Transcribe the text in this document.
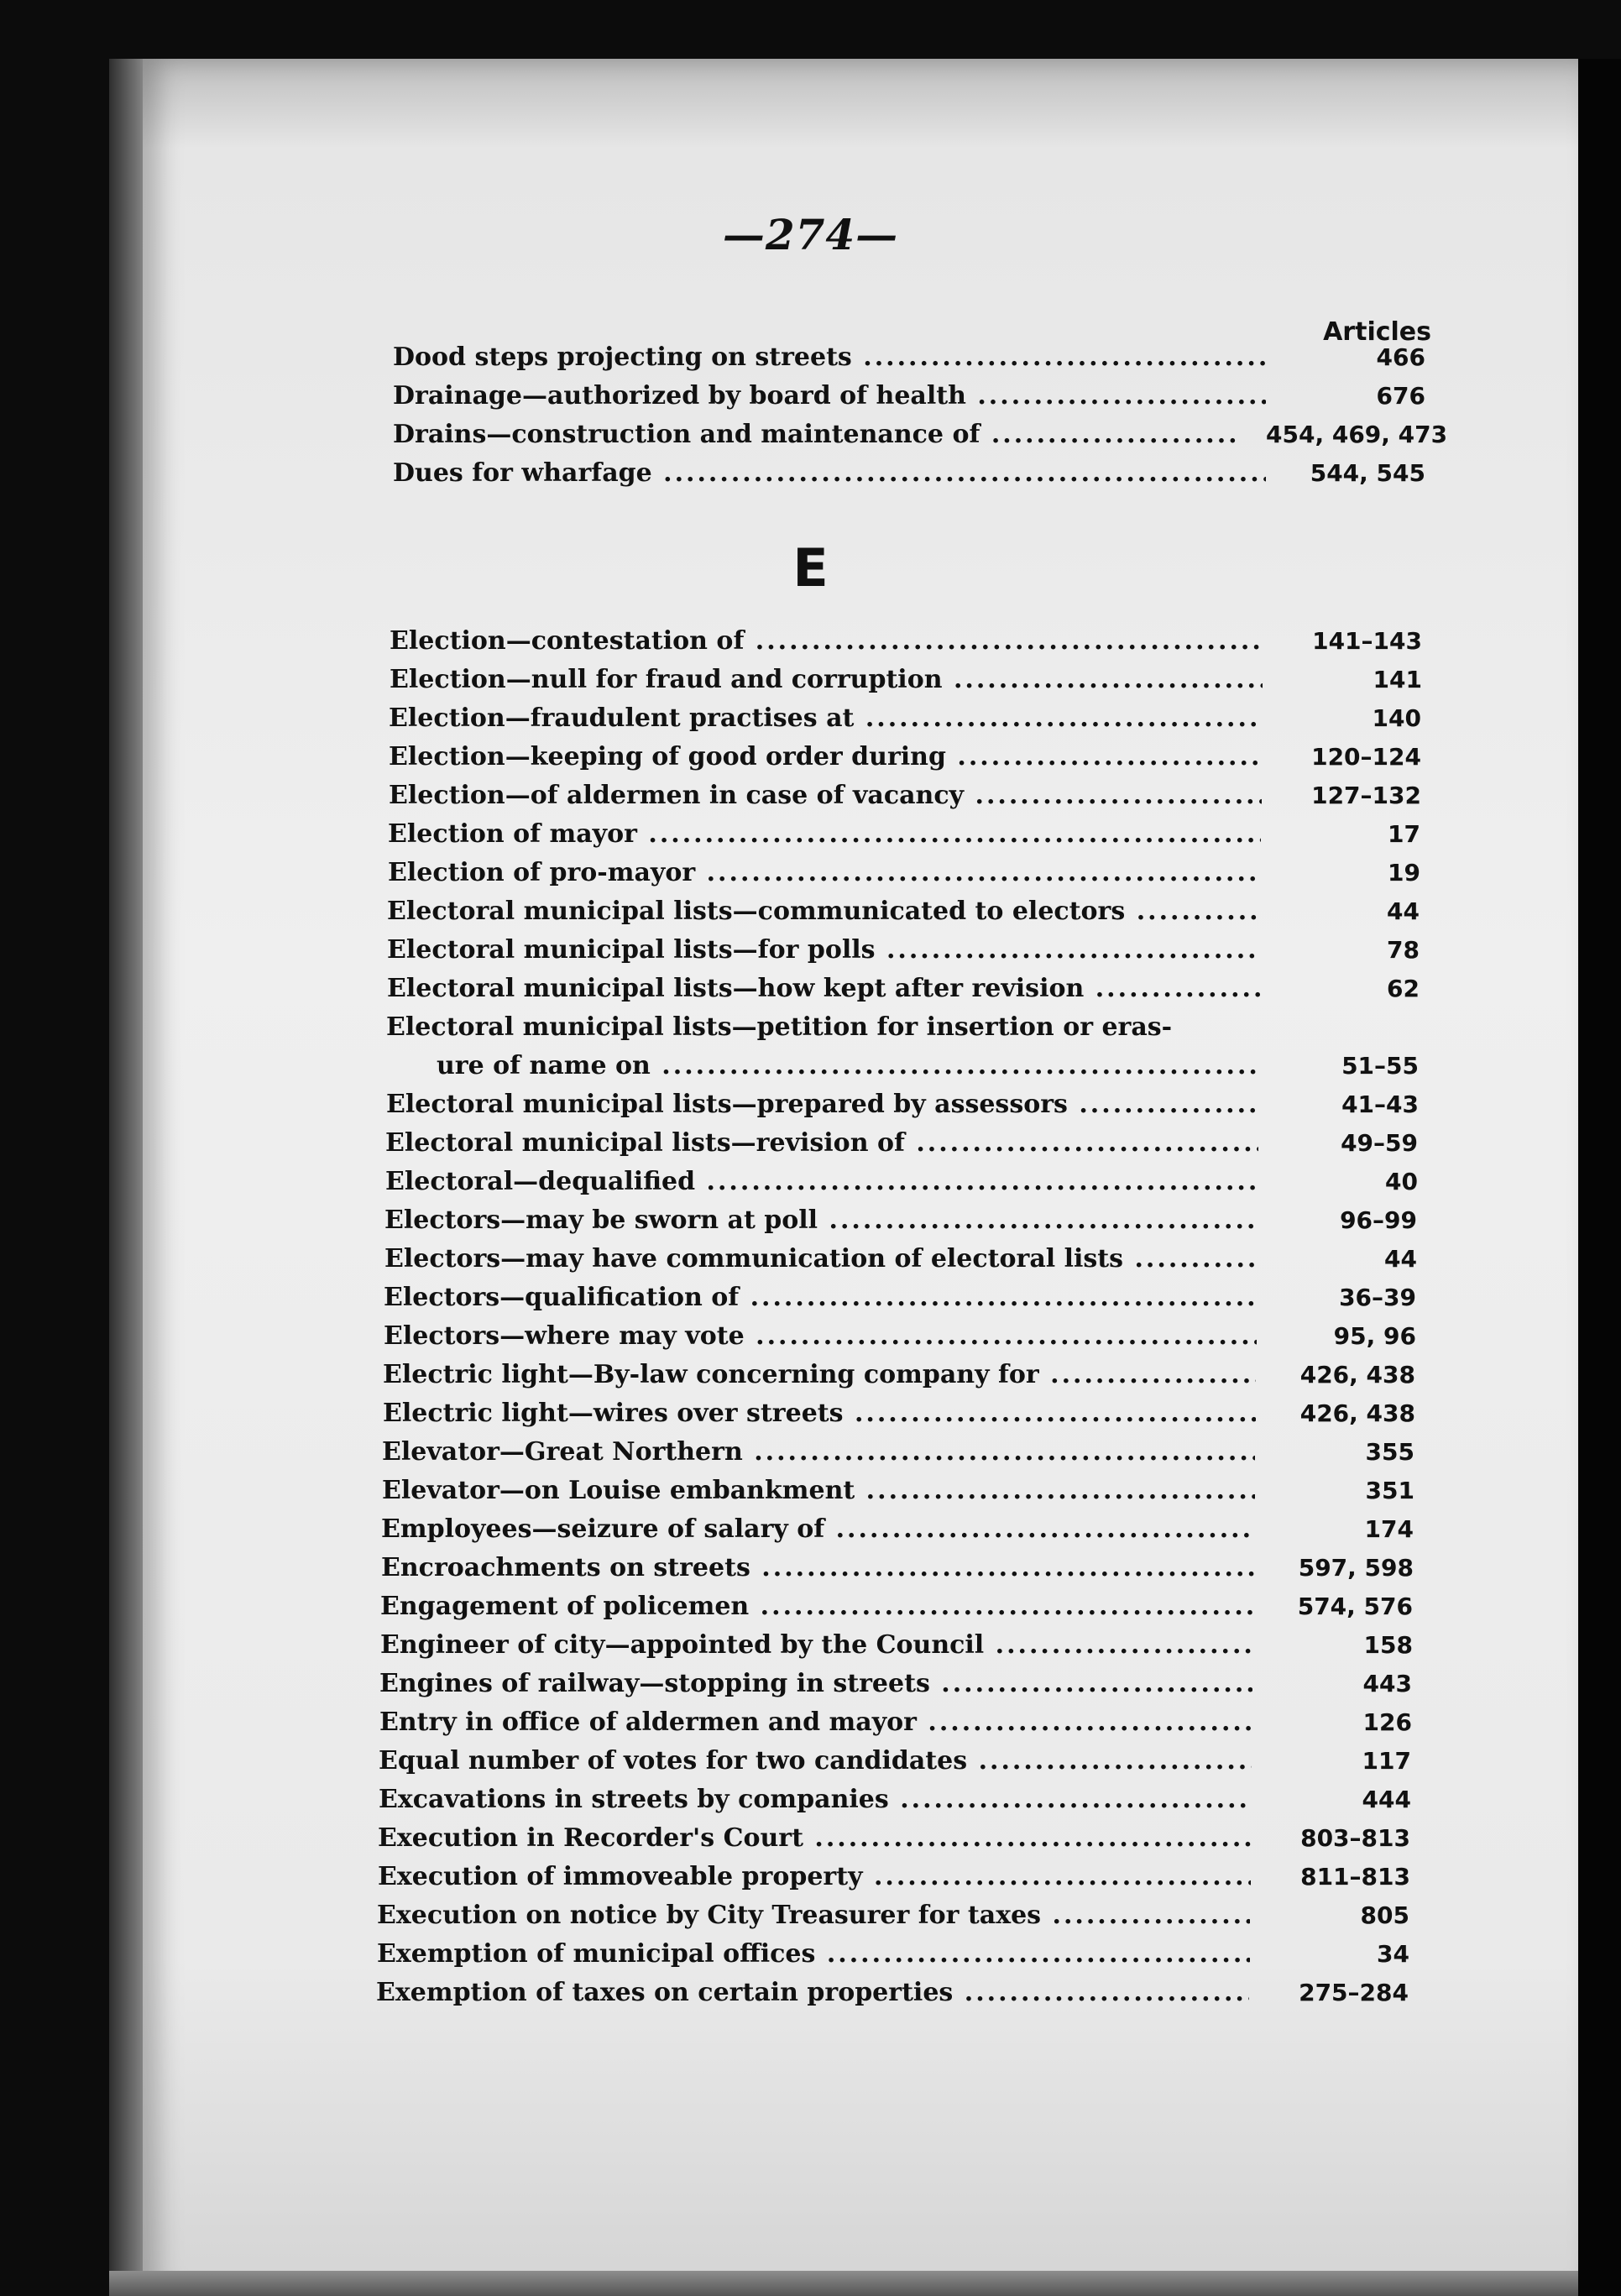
—274—
Articles
E
Dood steps projecting on streets .....	466
Drainage—authorized by board of health .....	676
Drains—construction and maintenance of .....	454, 469, 473
Dues for wharfage .....	544, 545
Election—contestation of .....	141–143
Election—null for fraud and corruption .....	141
Election—fraudulent practises at .....	140
Election—keeping of good order during .....	120–124
Election—of aldermen in case of vacancy .....	127–132
Election of mayor .....	17
Election of pro-mayor .....	19
Electoral municipal lists—communicated to electors .....	44
Electoral municipal lists—for polls .....	78
Electoral municipal lists—how kept after revision .....	62
Electoral municipal lists—petition for insertion or eras-
ure of name on .....	51–55
Electoral municipal lists—prepared by assessors .....	41–43
Electoral municipal lists—revision of .....	49–59
Electoral—dequalified .....	40
Electors—may be sworn at poll .....	96–99
Electors—may have communication of electoral lists .....	44
Electors—qualification of .....	36–39
Electors—where may vote .....	95, 96
Electric light—By-law concerning company for .....	426, 438
Electric light—wires over streets .....	426, 438
Elevator—Great Northern .....	355
Elevator—on Louise embankment .....	351
Employees—seizure of salary of .....	174
Encroachments on streets .....	597, 598
Engagement of policemen .....	574, 576
Engineer of city—appointed by the Council .....	158
Engines of railway—stopping in streets .....	443
Entry in office of aldermen and mayor .....	126
Equal number of votes for two candidates .....	117
Excavations in streets by companies .....	444
Execution in Recorder's Court .....	803–813
Execution of immoveable property .....	811–813
Execution on notice by City Treasurer for taxes .....	805
Exemption of municipal offices .....	34
Exemption of taxes on certain properties .....	275–284
